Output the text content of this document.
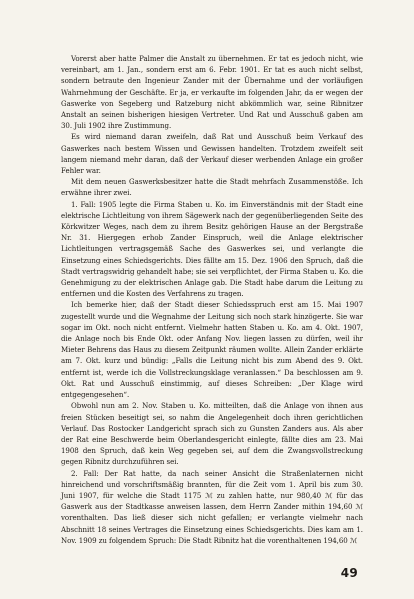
Vorerst aber hatte Palmer die Anstalt zu übernehmen. Er tat es jedoch nicht, wie vereinbart, am 1. Jan., sondern erst am 6. Febr. 1901. Er tat es auch nicht selbst, sondern betraute den Ingenieur Zander mit der Übernahme und der vorläufigen Wahrnehmung der Geschäfte. Er ja, er verkaufte im folgenden Jahr, da er wegen der Gaswerke von Segeberg und Ratzeburg nicht abkömmlich war, seine Ribnitzer Anstalt an seinen bisherigen hiesigen Vertreter. Und Rat und Ausschuß gaben am 30. Juli 1902 ihre Zustimmung.

Es wird niemand daran zweifeln, daß Rat und Ausschuß beim Verkauf des Gaswerkes nach bestem Wissen und Gewissen handelten. Trotzdem zweifelt seit langem niemand mehr daran, daß der Verkauf dieser werbenden Anlage ein großer Fehler war.

Mit dem neuen Gaswerksbesitzer hatte die Stadt mehrfach Zusammenstöße. Ich erwähne ihrer zwei.

1. Fall: 1905 legte die Firma Staben u. Ko. im Einverständnis mit der Stadt eine elektrische Lichtleitung von ihrem Sägewerk nach der gegenüberliegenden Seite des Körkwitzer Weges, nach dem zu ihrem Besitz gehörigen Hause an der Bergstraße Nr. 31. Hiergegen erhob Zander Einspruch, weil die Anlage elektrischer Lichtleitungen vertragsgemäß Sache des Gaswerkes sei, und verlangte die Einsetzung eines Schiedsgerichts. Dies fällte am 15. Dez. 1906 den Spruch, daß die Stadt vertragswidrig gehandelt habe; sie sei verpflichtet, der Firma Staben u. Ko. die Genehmigung zu der elektrischen Anlage gab. Die Stadt habe darum die Leitung zu entfernen und die Kosten des Verfahrens zu tragen.

Ich bemerke hier, daß der Stadt dieser Schiedsspruch erst am 15. Mai 1907 zugestellt wurde und die Wegnahme der Leitung sich noch stark hinzögerte. Sie war sogar im Okt. noch nicht entfernt. Vielmehr hatten Staben u. Ko. am 4. Okt. 1907, die Anlage noch bis Ende Okt. oder Anfang Nov. liegen lassen zu dürfen, weil ihr Mieter Behrens das Haus zu diesem Zeitpunkt räumen wollte. Allein Zander erklärte am 7. Okt. kurz und bündig: „Falls die Leitung nicht bis zum Abend des 9. Okt. entfernt ist, werde ich die Vollstreckungsklage veranlassen.“ Da beschlossen am 9. Okt. Rat und Ausschuß einstimmig, auf dieses Schreiben: „Der Klage wird entgegengesehen“.

Obwohl nun am 2. Nov. Staben u. Ko. mitteilten, daß die Anlage von ihnen aus freien Stücken beseitigt sei, so nahm die Angelegenheit doch ihren gerichtlichen Verlauf. Das Rostocker Landgericht sprach sich zu Gunsten Zanders aus. Als aber der Rat eine Beschwerde beim Oberlandesgericht einlegte, fällte dies am 23. Mai 1908 den Spruch, daß kein Weg gegeben sei, auf dem die Zwangsvollstreckung gegen Ribnitz durchzuführen sei.

2. Fall: Der Rat hatte, da nach seiner Ansicht die Straßenlaternen nicht hinreichend und vorschriftsmäßig brannten, für die Zeit vom 1. April bis zum 30. Juni 1907, für welche die Stadt 1175 ℳ zu zahlen hatte, nur 980,40 ℳ für das Gaswerk aus der Stadtkasse anweisen lassen, dem Herrn Zander mithin 194,60 ℳ vorenthalten. Das ließ dieser sich nicht gefallen; er verlangte vielmehr nach Abschnitt 18 seines Vertrages die Einsetzung eines Schiedsgerichts. Dies kam am 1. Nov. 1909 zu folgendem Spruch: Die Stadt Ribnitz hat die vorenthaltenen 194,60 ℳ

49
